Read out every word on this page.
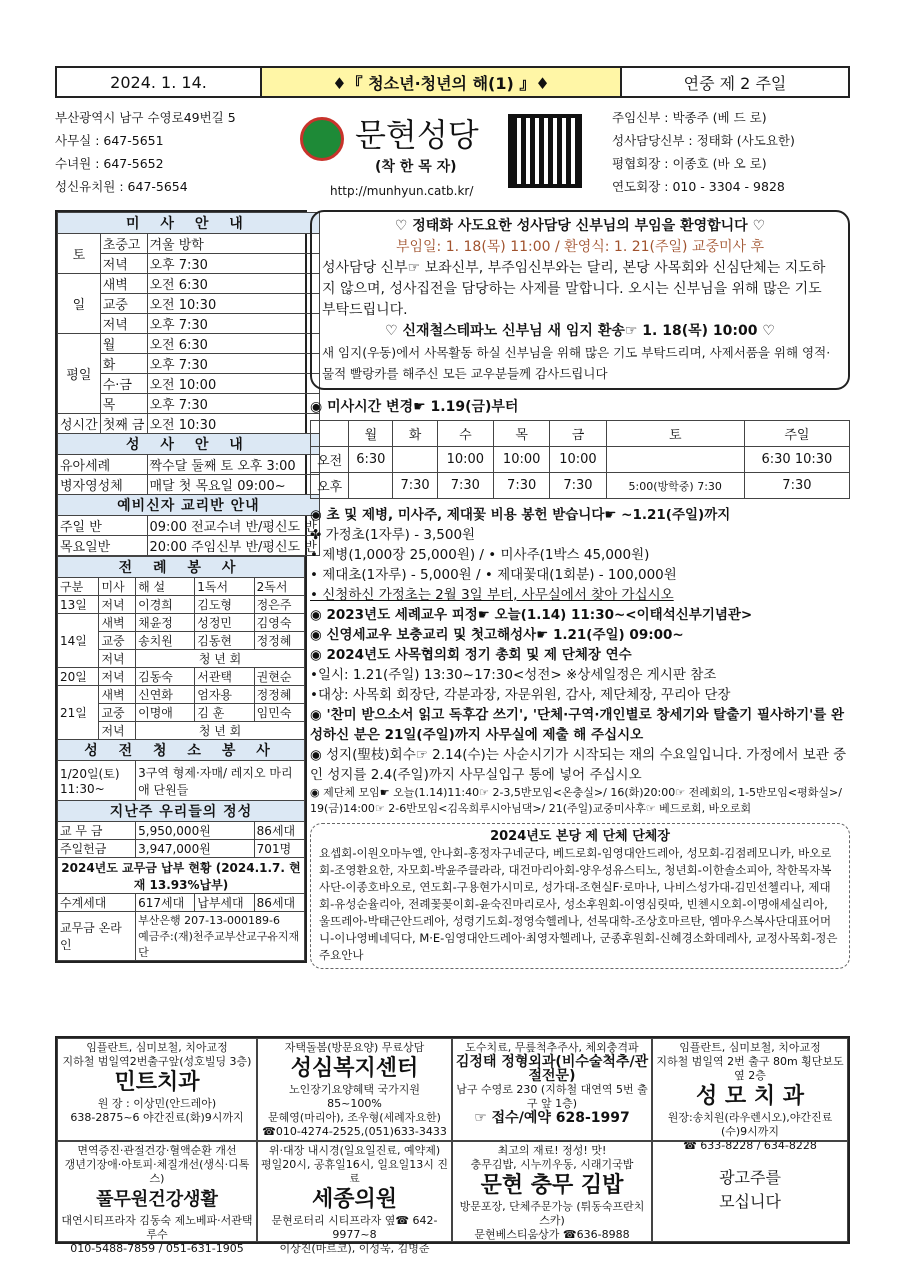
2024. 1. 14.	♦『 청소년·청년의 해(1) 』♦	연중 제 2 주일
부산광역시 남구 수영로49번길 5
사무실 : 647-5651
수녀원 : 647-5652
성신유치원 : 647-5654
문현성당
(착 한 목 자)
http://munhyun.catb.kr/
주임신부 : 박종주 (베 드 로)
성사담당신부 : 정태화 (사도요한)
평협회장 : 이종호 (바 오 로)
연도회장 : 010 - 3304 - 9828
미 사 안 내		
토	초중고	겨울 방학
	저녁	오후 7:30
일	새벽	오전 6:30
	교중	오전 10:30
	저녁	오후 7:30
평일	월	오전 6:30
	화	오후 7:30
	수·금	오전 10:00
	목	오후 7:30
성시간	첫째 금	오전 10:30
성 사 안 내		
유아세례		짝수달 둘째 토 오후 3:00
병자영성체		매달 첫 목요일 09:00~
예비신자 교리반 안내		
주일 반		09:00 전교수녀 반/평신도 반
목요일반		20:00 주임신부 반/평신도 반
전 례 봉 사				
구분	미사	해 설	1독서	2독서
13일	저녁	이경희	김도형	정은주
14일	새벽	채윤정	성정민	김영숙
	교중	송치원	김동현	정정혜
	저녁	청 년 회		
20일	저녁	김동숙	서관택	권현순
21일	새벽	신연화	엄자용	정정혜
	교중	이명애	김 훈	임민숙
	저녁	청 년 회		
성 전 청 소 봉 사				
1/20일(토) 11:30~		3구역 형제·자매/ 레지오 마리애 단원들		
지난주 우리들의 정성				
교 무 금		5,950,000원		86세대
주일헌금		3,947,000원		701명
2024년도 교무금 납부 현황 (2024.1.7. 현재 13.93%납부)				
수계세대		617세대	납부세대	86세대
교무금 온라인		부산은행 207-13-000189-6
예금주:(재)천주교부산교구유지재단		
♡ 정태화 사도요한 성사담당 신부님의 부임을 환영합니다 ♡
부임일: 1. 18(목) 11:00 / 환영식: 1. 21(주일) 교중미사 후
성사담당 신부☞ 보좌신부, 부주임신부와는 달리, 본당 사목회와 신심단체는 지도하지 않으며, 성사집전을 담당하는 사제를 말합니다. 오시는 신부님을 위해 많은 기도 부탁드립니다.
♡ 신재철스테파노 신부님 새 임지 환송☞ 1. 18(목) 10:00 ♡
새 임지(우동)에서 사목활동 하실 신부님을 위해 많은 기도 부탁드리며, 사제서품을 위해 영적·물적 빨랑카를 해주신 모든 교우분들께 감사드립니다
◉ 미사시간 변경☛ 1.19(금)부터
	월	화	수	목	금	토	주일
오전	6:30		10:00	10:00	10:00		6:30 10:30
오후		7:30	7:30	7:30	7:30	5:00(방학중) 7:30	7:30
◉ 초 및 제병, 미사주, 제대꽃 비용 봉헌 받습니다☛ ~1.21(주일)까지
✤ 가정초(1자루) - 3,500원
• 제병(1,000장 25,000원) / • 미사주(1박스 45,000원)
• 제대초(1자루) - 5,000원 / • 제대꽃대(1회분) - 100,000원
• 신청하신 가정초는 2월 3일 부터, 사무실에서 찾아 가십시오
◉ 2023년도 세례교우 피정☛ 오늘(1.14) 11:30~<이태석신부기념관>
◉ 신영세교우 보충교리 및 첫고해성사☛ 1.21(주일) 09:00~
◉ 2024년도 사목협의회 정기 총회 및 제 단체장 연수
•일시: 1.21(주일) 13:30~17:30<성전> ※상세일정은 게시판 참조
•대상: 사목회 회장단, 각분과장, 자문위원, 감사, 제단체장, 꾸리아 단장
◉ '찬미 받으소서 읽고 독후감 쓰기', '단체·구역·개인별로 창세기와 탈출기 필사하기'를 완성하신 분은 21일(주일)까지 사무실에 제출 해 주십시오
◉ 성지(聖枝)회수☞ 2.14(수)는 사순시기가 시작되는 재의 수요일입니다. 가정에서 보관 중인 성지를 2.4(주일)까지 사무실입구 통에 넣어 주십시오
◉ 제단체 모임☛ 오늘(1.14)11:40☞ 2-3,5반모임<온충실>/ 16(화)20:00☞ 전례회의, 1-5반모임<평화실>/ 19(금)14:00☞ 2-6반모임<김옥희루시아님댁>/ 21(주일)교중미사후☞ 베드로회, 바오로회
2024년도 본당 제 단체 단체장
요셉회-이원오마누엘, 안나회-홍정자구네군다, 베드로회-임영대안드레아, 성모회-김점레모니카, 바오로회-조영환요한, 자모회-박윤주클라라, 대건마리아회-양우성유스티노, 청년회-이한솔소피아, 착한목자복사단-이종호바오로, 연도회-구용현가시미로, 성가대-조현실F·로마나, 나비스성가대-김민선첼리나, 제대회-유성순율리아, 전례꽃꽂이회-윤숙진마리로사, 성소후원회-이영심릿따, 빈첸시오회-이명애세실리아, 울뜨레아-박태근안드레아, 성령기도회-정영숙헬레나, 선목대학-조상호마르탄, 엠마우스복사단대표어머니-이나영베네딕다, M·E-임영대안드레아·최영자헬레나, 군종후원회-신혜경소화데레사, 교정사목회-정은주요안나
임플란트, 심미보철, 치아교정
지하철 범일역2번출구앞(성호빌딩 3층)
민트치과
원 장 : 이상민(안드레아)
638-2875~6 야간진료(화)9시까지
자택돌봄(방문요양) 무료상담
성심복지센터
노인장기요양혜택 국가지원 85~100%
문혜영(마리아), 조우형(세례자요한)
☎010-4274-2525,(051)633-3433
도수치료, 무릎척추주사, 체외충격파
김정태 정형외과(비수술척추/관절전문)
남구 수영로 230 (지하철 대연역 5번 출구 앞 1층)
☞ 접수/예약 628-1997
임플란트, 심미보철, 치아교정
지하철 범일역 2번 출구 80m 횡단보도 옆 2층
성 모 치 과
원장:송치원(라우렌시오),야간진료(수)9시까지
☎ 633-8228 / 634-8228
면역증진·관절건강·혈액순환 개선
갱년기장애·아토피·체질개선(생식·디톡스)
풀무원건강생활
대연시티프라자 김동숙 제노베파·서관택 루수
010-5488-7859 / 051-631-1905
위·대장 내시경(일요일진료, 예약제)
평일20시, 공휴일16시, 일요일13시 진료
세종의원
문현로터리 시티프라자 옆☎ 642-9977~8
이상진(마르코), 이성욱, 김명준
최고의 재료! 정성! 맛!
충무김밥, 시누끼우동, 시래기국밥
문현 충무 김밥
방문포장, 단체주문가능 (튀동숙프란치스카)
문현베스티움상가 ☎636-8988
광고주를
모십니다
